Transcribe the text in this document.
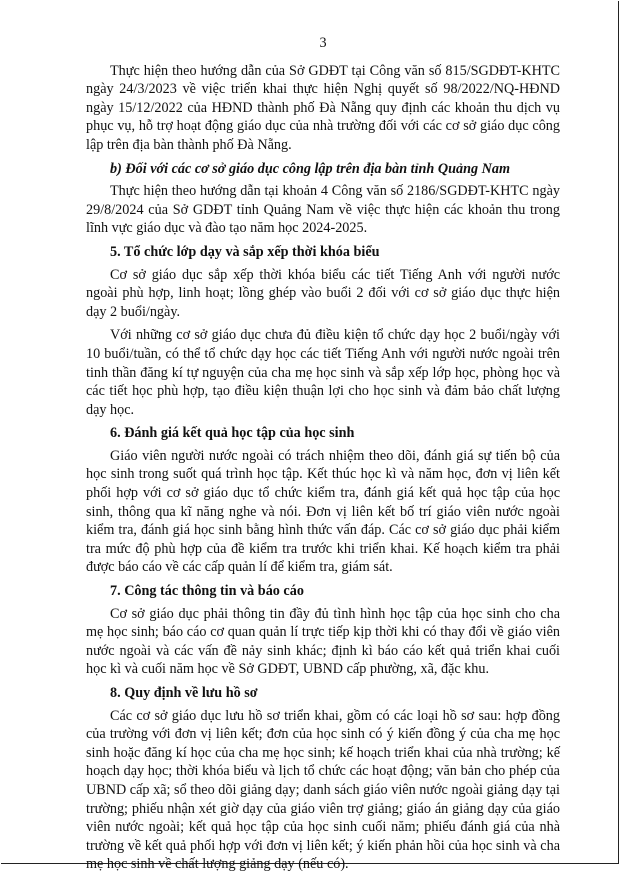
3

Thực hiện theo hướng dẫn của Sở GDĐT tại Công văn số 815/SGDĐT-KHTC ngày 24/3/2023 về việc triển khai thực hiện Nghị quyết số 98/2022/NQ-HĐND ngày 15/12/2022 của HĐND thành phố Đà Nẵng quy định các khoản thu dịch vụ phục vụ, hỗ trợ hoạt động giáo dục của nhà trường đối với các cơ sở giáo dục công lập trên địa bàn thành phố Đà Nẵng.

b) Đối với các cơ sở giáo dục công lập trên địa bàn tỉnh Quảng Nam

Thực hiện theo hướng dẫn tại khoản 4 Công văn số 2186/SGDĐT-KHTC ngày 29/8/2024 của Sở GDĐT tỉnh Quảng Nam về việc thực hiện các khoản thu trong lĩnh vực giáo dục và đào tạo năm học 2024-2025.

5. Tổ chức lớp dạy và sắp xếp thời khóa biểu

Cơ sở giáo dục sắp xếp thời khóa biểu các tiết Tiếng Anh với người nước ngoài phù hợp, linh hoạt; lồng ghép vào buổi 2 đối với cơ sở giáo dục thực hiện dạy 2 buổi/ngày.

Với những cơ sở giáo dục chưa đủ điều kiện tổ chức dạy học 2 buổi/ngày với 10 buổi/tuần, có thể tổ chức dạy học các tiết Tiếng Anh với người nước ngoài trên tinh thần đăng kí tự nguyện của cha mẹ học sinh và sắp xếp lớp học, phòng học và các tiết học phù hợp, tạo điều kiện thuận lợi cho học sinh và đảm bảo chất lượng dạy học.

6. Đánh giá kết quả học tập của học sinh

Giáo viên người nước ngoài có trách nhiệm theo dõi, đánh giá sự tiến bộ của học sinh trong suốt quá trình học tập. Kết thúc học kì và năm học, đơn vị liên kết phối hợp với cơ sở giáo dục tổ chức kiểm tra, đánh giá kết quả học tập của học sinh, thông qua kĩ năng nghe và nói. Đơn vị liên kết bố trí giáo viên nước ngoài kiểm tra, đánh giá học sinh bằng hình thức vấn đáp. Các cơ sở giáo dục phải kiểm tra mức độ phù hợp của đề kiểm tra trước khi triển khai. Kế hoạch kiểm tra phải được báo cáo về các cấp quản lí để kiểm tra, giám sát.

7. Công tác thông tin và báo cáo

Cơ sở giáo dục phải thông tin đầy đủ tình hình học tập của học sinh cho cha mẹ học sinh; báo cáo cơ quan quản lí trực tiếp kịp thời khi có thay đổi về giáo viên nước ngoài và các vấn đề nảy sinh khác; định kì báo cáo kết quả triển khai cuối học kì và cuối năm học về Sở GDĐT, UBND cấp phường, xã, đặc khu.

8. Quy định về lưu hồ sơ

Các cơ sở giáo dục lưu hồ sơ triển khai, gồm có các loại hồ sơ sau: hợp đồng của trường với đơn vị liên kết; đơn của học sinh có ý kiến đồng ý của cha mẹ học sinh hoặc đăng kí học của cha mẹ học sinh; kế hoạch triển khai của nhà trường; kế hoạch dạy học; thời khóa biểu và lịch tổ chức các hoạt động; văn bản cho phép của UBND cấp xã; sổ theo dõi giảng dạy; danh sách giáo viên nước ngoài giảng dạy tại trường; phiếu nhận xét giờ dạy của giáo viên trợ giảng; giáo án giảng dạy của giáo viên nước ngoài; kết quả học tập của học sinh cuối năm; phiếu đánh giá của nhà trường về kết quả phối hợp với đơn vị liên kết; ý kiến phản hồi của học sinh và cha mẹ học sinh về chất lượng giảng dạy (nếu có).
